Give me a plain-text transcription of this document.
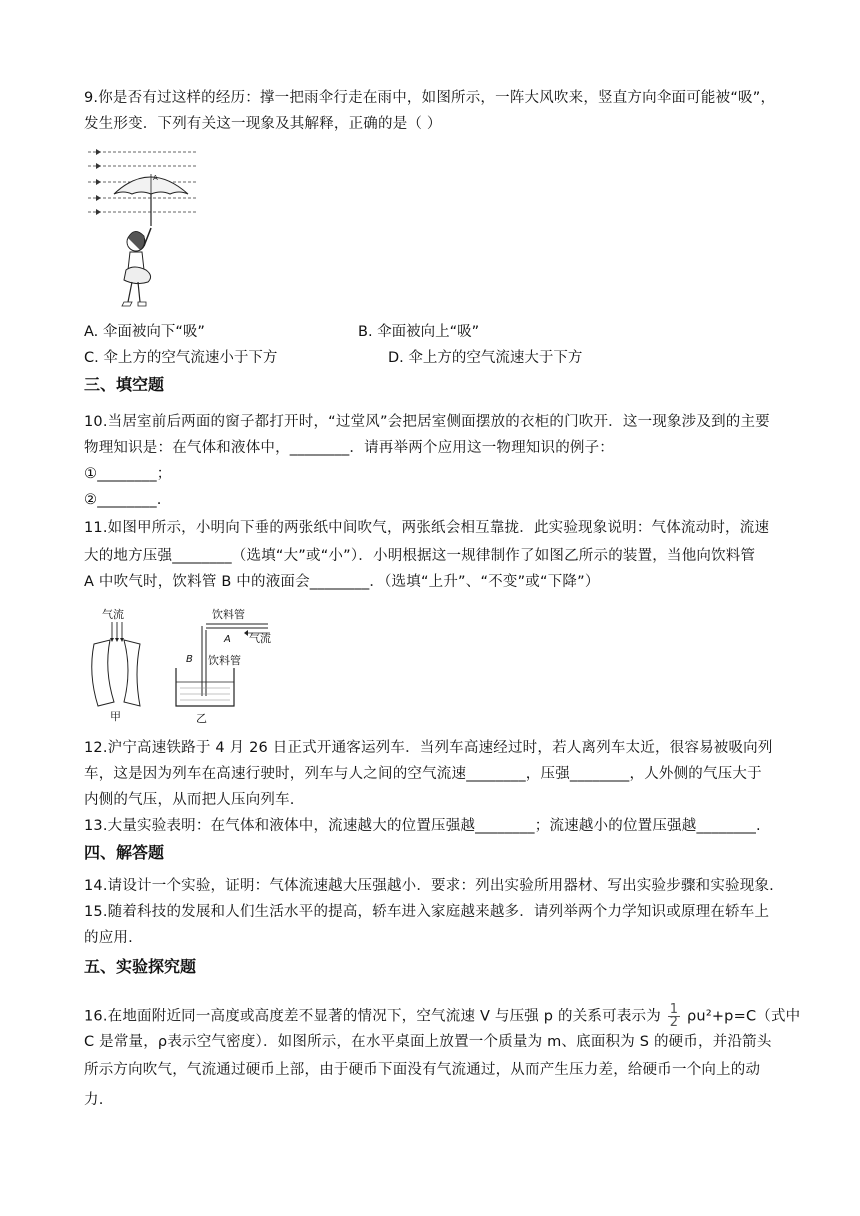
9.你是否有过这样的经历：撑一把雨伞行走在雨中，如图所示，一阵大风吹来，竖直方向伞面可能被“吸”，
发生形变．下列有关这一现象及其解释，正确的是（ ）
A
A. 伞面被向下“吸”	B. 伞面被向上“吸”
C. 伞上方的空气流速小于下方	D. 伞上方的空气流速大于下方
三、填空题
10.当居室前后两面的窗子都打开时，“过堂风”会把居室侧面摆放的衣柜的门吹开．这一现象涉及到的主要
物理知识是：在气体和液体中，________．请再举两个应用这一物理知识的例子：
①________；
②________.
11.如图甲所示，小明向下垂的两张纸中间吹气，两张纸会相互靠拢．此实验现象说明：气体流动时，流速
大的地方压强________（选填“大”或“小”）．小明根据这一规律制作了如图乙所示的装置，当他向饮料管
A 中吹气时，饮料管 B 中的液面会________．（选填“上升”、“不变”或“下降”）
气流
甲
饮料管
气流
A
B 饮料管
乙
12.沪宁高速铁路于 4 月 26 日正式开通客运列车．当列车高速经过时，若人离列车太近，很容易被吸向列
车，这是因为列车在高速行驶时，列车与人之间的空气流速________，压强________，人外侧的气压大于
内侧的气压，从而把人压向列车.
13.大量实验表明：在气体和液体中，流速越大的位置压强越________；流速越小的位置压强越________.
四、解答题
14.请设计一个实验，证明：气体流速越大压强越小．要求：列出实验所用器材、写出实验步骤和实验现象.
15.随着科技的发展和人们生活水平的提高，轿车进入家庭越来越多．请列举两个力学知识或原理在轿车上
的应用.
五、实验探究题
16.在地面附近同一高度或高度差不显著的情况下，空气流速 V 与压强 p 的关系可表示为 $\frac{1}{2} \rho u^2+p=C$（式中
C 是常量，ρ表示空气密度）．如图所示，在水平桌面上放置一个质量为 m、底面积为 S 的硬币，并沿箭头
所示方向吹气，气流通过硬币上部，由于硬币下面没有气流通过，从而产生压力差，给硬币一个向上的动
力.
